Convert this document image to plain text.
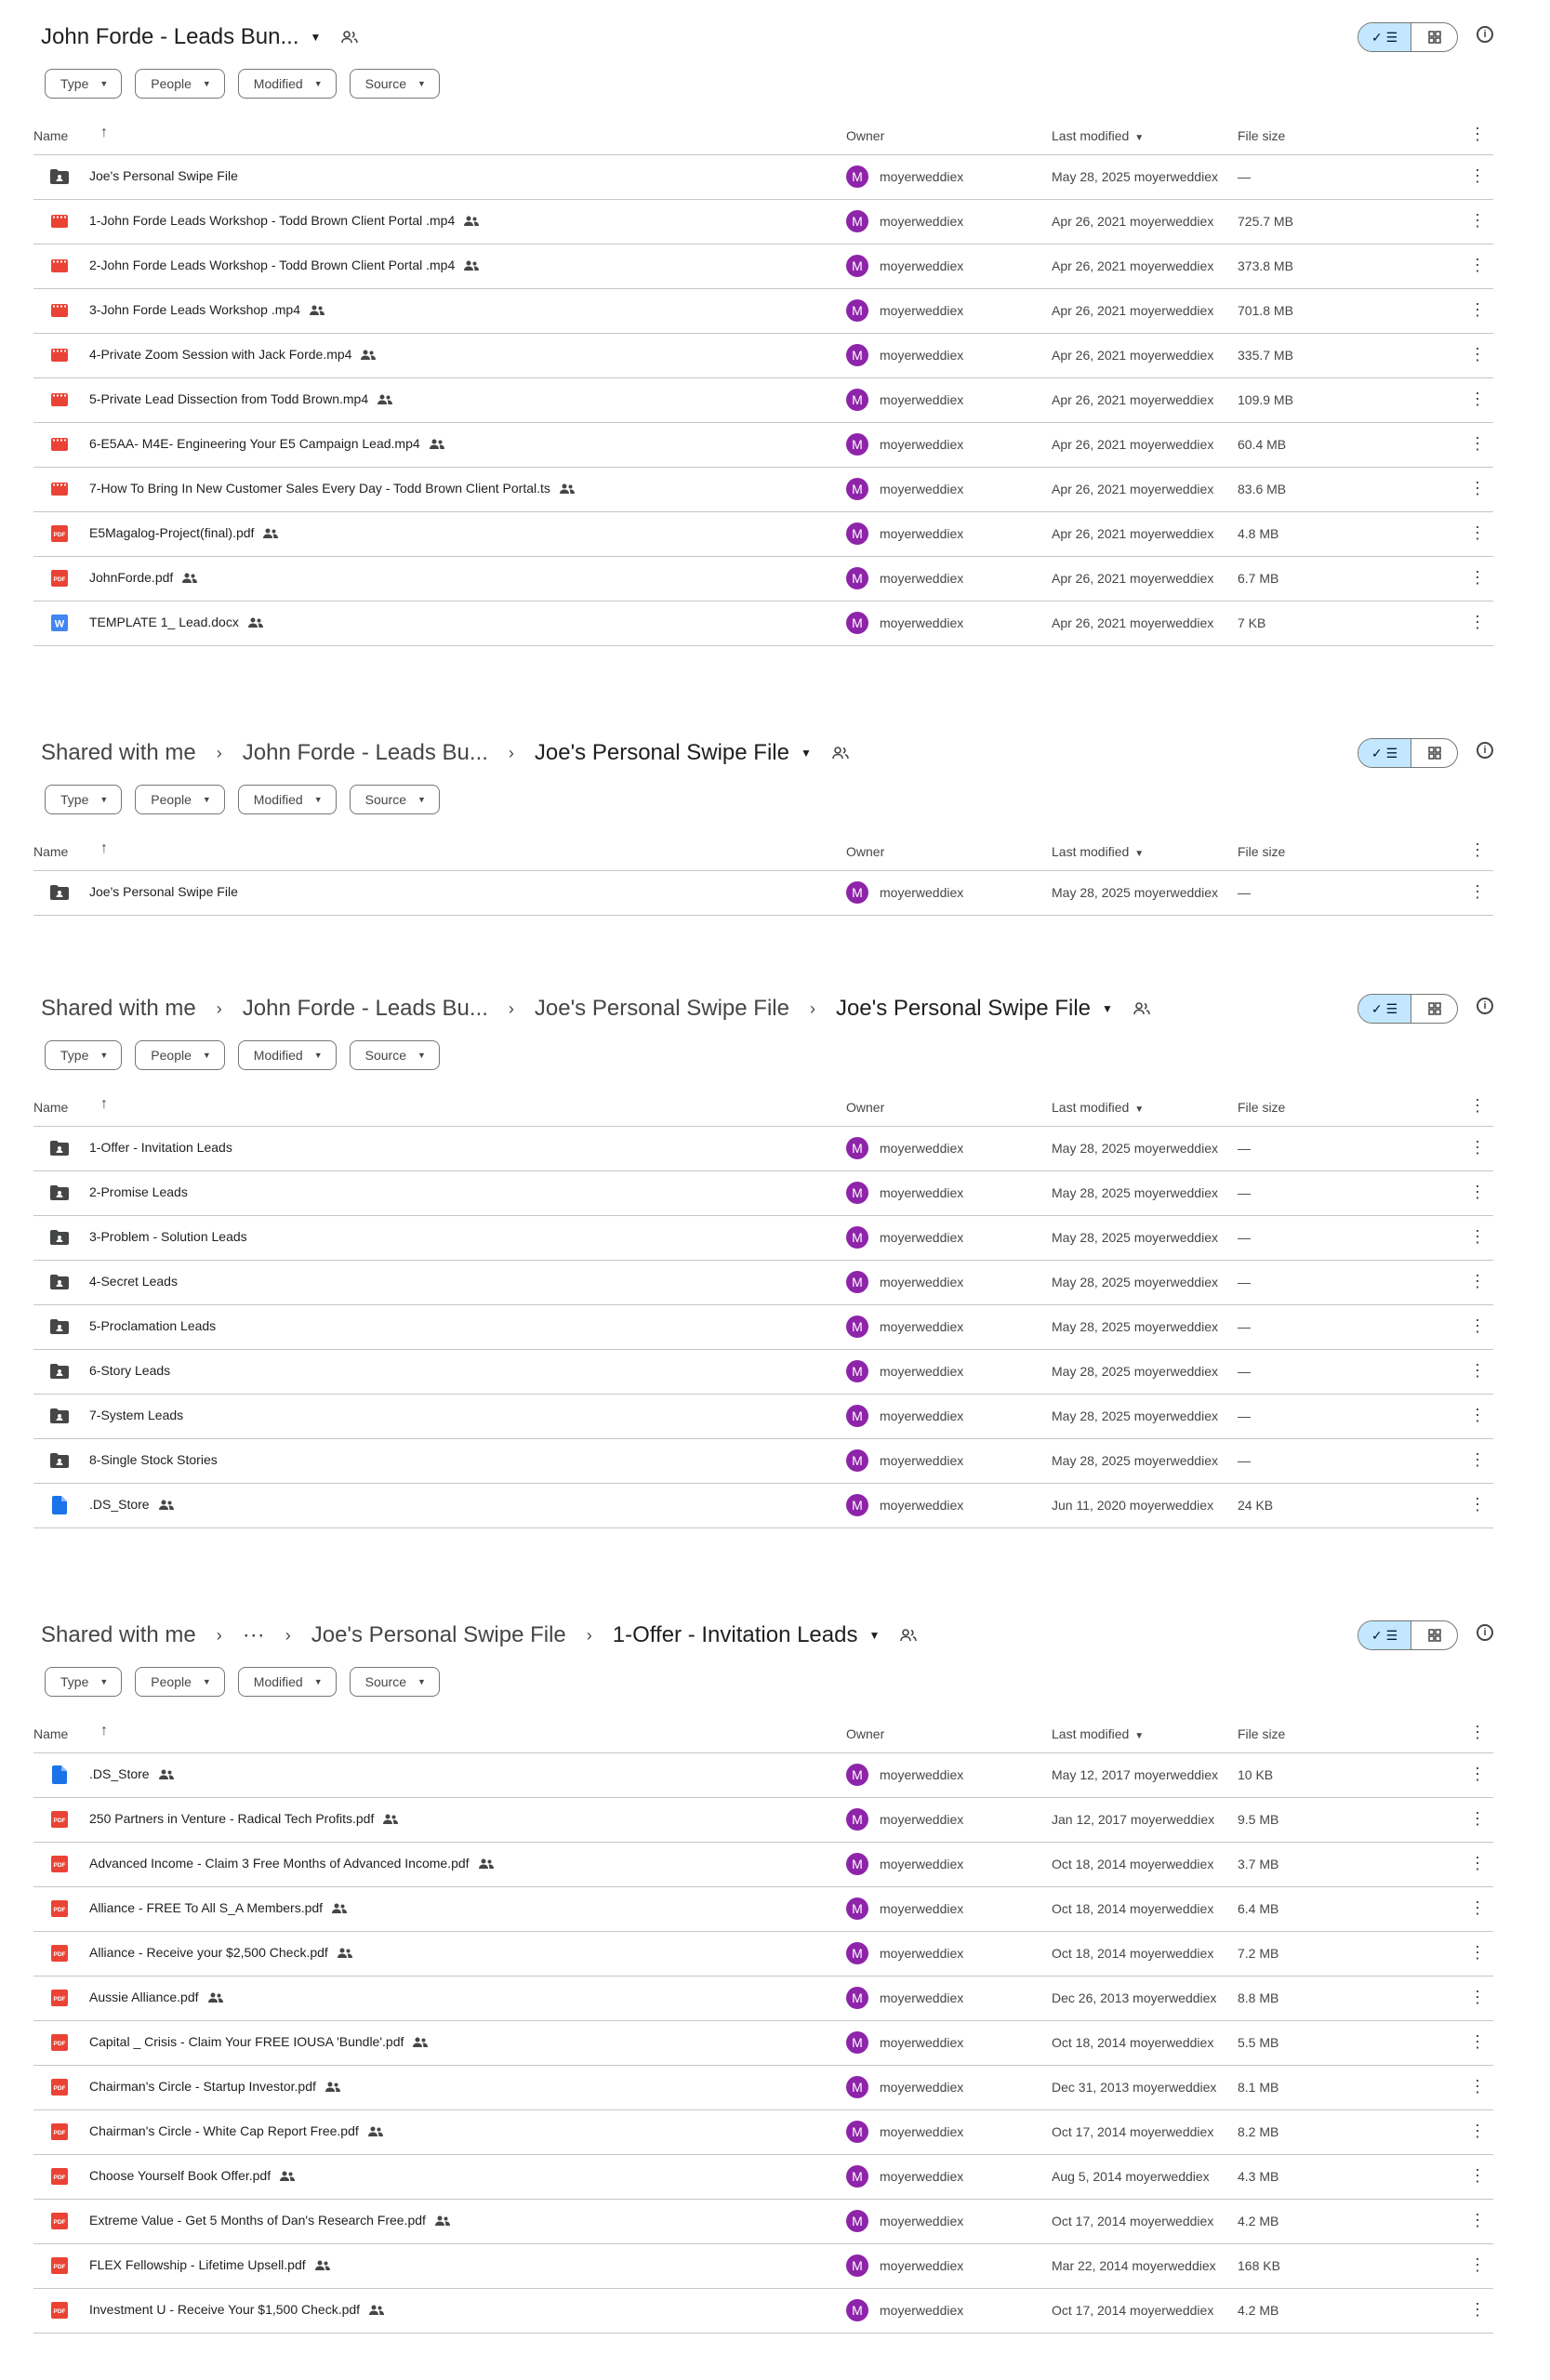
John Forde - Leads Bun... ▼	✓ ☰	i
Type ▼	People ▼	Modified ▼	Source ▼
Name ↑	Owner	Last modified ▼	File size	⋮
Joe's Personal Swipe File	M	moyerweddiex	May 28, 2025 moyerweddiex —	⋮
1-John Forde Leads Workshop - Todd Brown Client Portal .mp4	M	moyerweddiex	Apr 26, 2021 moyerweddiex 725.7 MB	⋮
2-John Forde Leads Workshop - Todd Brown Client Portal .mp4	M	moyerweddiex	Apr 26, 2021 moyerweddiex 373.8 MB	⋮
3-John Forde Leads Workshop .mp4	M	moyerweddiex	Apr 26, 2021 moyerweddiex 701.8 MB	⋮
4-Private Zoom Session with Jack Forde.mp4	M	moyerweddiex	Apr 26, 2021 moyerweddiex 335.7 MB	⋮
5-Private Lead Dissection from Todd Brown.mp4	M	moyerweddiex	Apr 26, 2021 moyerweddiex 109.9 MB	⋮
6-E5AA- M4E- Engineering Your E5 Campaign Lead.mp4	M	moyerweddiex	Apr 26, 2021 moyerweddiex 60.4 MB	⋮
7-How To Bring In New Customer Sales Every Day - Todd Brown Client Portal.ts	M	moyerweddiex	Apr 26, 2021 moyerweddiex 83.6 MB	⋮
PDF E5Magalog-Project(final).pdf	M	moyerweddiex	Apr 26, 2021 moyerweddiex 4.8 MB	⋮
PDF JohnForde.pdf	M	moyerweddiex	Apr 26, 2021 moyerweddiex 6.7 MB	⋮
W TEMPLATE 1_ Lead.docx	M	moyerweddiex	Apr 26, 2021 moyerweddiex 7 KB	⋮
Shared with me › John Forde - Leads Bu... › Joe's Personal Swipe File ▼	✓ ☰	i
Type ▼	People ▼	Modified ▼	Source ▼
Name ↑	Owner	Last modified ▼	File size	⋮
Joe's Personal Swipe File	M	moyerweddiex	May 28, 2025 moyerweddiex —	⋮
Shared with me › John Forde - Leads Bu... › Joe's Personal Swipe File › Joe's Personal Swipe File ▼	✓ ☰	i
Type ▼	People ▼	Modified ▼	Source ▼
Name ↑	Owner	Last modified ▼	File size	⋮
1-Offer - Invitation Leads	M	moyerweddiex	May 28, 2025 moyerweddiex —	⋮
2-Promise Leads	M	moyerweddiex	May 28, 2025 moyerweddiex —	⋮
3-Problem - Solution Leads	M	moyerweddiex	May 28, 2025 moyerweddiex —	⋮
4-Secret Leads	M	moyerweddiex	May 28, 2025 moyerweddiex —	⋮
5-Proclamation Leads	M	moyerweddiex	May 28, 2025 moyerweddiex —	⋮
6-Story Leads	M	moyerweddiex	May 28, 2025 moyerweddiex —	⋮
7-System Leads	M	moyerweddiex	May 28, 2025 moyerweddiex —	⋮
8-Single Stock Stories	M	moyerweddiex	May 28, 2025 moyerweddiex —	⋮
.DS_Store	M	moyerweddiex	Jun 11, 2020 moyerweddiex 24 KB	⋮
Shared with me › ··· › Joe's Personal Swipe File › 1-Offer - Invitation Leads ▼	✓ ☰	i
Type ▼	People ▼	Modified ▼	Source ▼
Name ↑	Owner	Last modified ▼	File size	⋮
.DS_Store	M	moyerweddiex	May 12, 2017 moyerweddiex 10 KB	⋮
PDF 250 Partners in Venture - Radical Tech Profits.pdf	M	moyerweddiex	Jan 12, 2017 moyerweddiex 9.5 MB	⋮
PDF Advanced Income - Claim 3 Free Months of Advanced Income.pdf	M	moyerweddiex	Oct 18, 2014 moyerweddiex 3.7 MB	⋮
PDF Alliance - FREE To All S_A Members.pdf	M	moyerweddiex	Oct 18, 2014 moyerweddiex 6.4 MB	⋮
PDF Alliance - Receive your $2,500 Check.pdf	M	moyerweddiex	Oct 18, 2014 moyerweddiex 7.2 MB	⋮
PDF Aussie Alliance.pdf	M	moyerweddiex	Dec 26, 2013 moyerweddiex 8.8 MB	⋮
PDF Capital _ Crisis - Claim Your FREE IOUSA 'Bundle'.pdf	M	moyerweddiex	Oct 18, 2014 moyerweddiex 5.5 MB	⋮
PDF Chairman's Circle - Startup Investor.pdf	M	moyerweddiex	Dec 31, 2013 moyerweddiex 8.1 MB	⋮
PDF Chairman's Circle - White Cap Report Free.pdf	M	moyerweddiex	Oct 17, 2014 moyerweddiex 8.2 MB	⋮
PDF Choose Yourself Book Offer.pdf	M	moyerweddiex	Aug 5, 2014 moyerweddiex 4.3 MB	⋮
PDF Extreme Value - Get 5 Months of Dan's Research Free.pdf	M	moyerweddiex	Oct 17, 2014 moyerweddiex 4.2 MB	⋮
PDF FLEX Fellowship - Lifetime Upsell.pdf	M	moyerweddiex	Mar 22, 2014 moyerweddiex 168 KB	⋮
PDF Investment U - Receive Your $1,500 Check.pdf	M	moyerweddiex	Oct 17, 2014 moyerweddiex 4.2 MB	⋮
